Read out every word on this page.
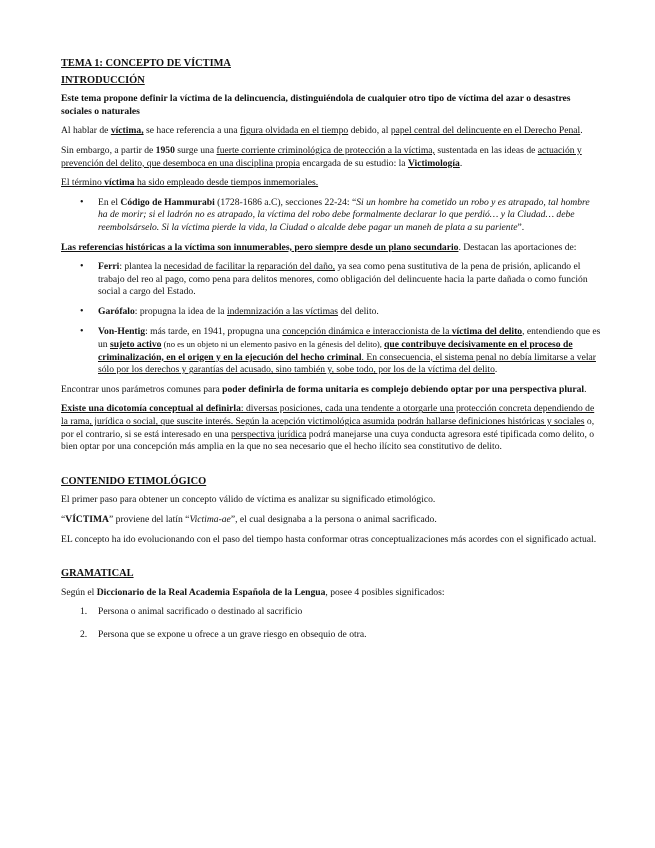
TEMA 1: CONCEPTO DE VÍCTIMA

INTRODUCCIÓN

Este tema propone definir la víctima de la delincuencia, distinguiéndola de cualquier otro tipo de víctima del azar o desastres sociales o naturales

Al hablar de víctima, se hace referencia a una figura olvidada en el tiempo debido, al papel central del delincuente en el Derecho Penal.

Sin embargo, a partir de 1950 surge una fuerte corriente criminológica de protección a la víctima, sustentada en las ideas de actuación y prevención del delito, que desemboca en una disciplina propia encargada de su estudio: la Victimología.

El término víctima ha sido empleado desde tiempos inmemoriales.

• En el Código de Hammurabi (1728-1686 a.C), secciones 22-24: “Si un hombre ha cometido un robo y es atrapado, tal hombre ha de morir; si el ladrón no es atrapado, la víctima del robo debe formalmente declarar lo que perdió… y la Ciudad… debe reembolsárselo. Si la víctima pierde la vida, la Ciudad o alcalde debe pagar un maneh de plata a su pariente”.

Las referencias históricas a la víctima son innumerables, pero siempre desde un plano secundario. Destacan las aportaciones de:

• Ferri: plantea la necesidad de facilitar la reparación del daño, ya sea como pena sustitutiva de la pena de prisión, aplicando el trabajo del reo al pago, como pena para delitos menores, como obligación del delincuente hacia la parte dañada o como función social a cargo del Estado.
• Garófalo: propugna la idea de la indemnización a las víctimas del delito.
• Von-Hentig: más tarde, en 1941, propugna una concepción dinámica e interaccionista de la víctima del delito, entendiendo que es un sujeto activo (no es un objeto ni un elemento pasivo en la génesis del delito), que contribuye decisivamente en el proceso de criminalización, en el origen y en la ejecución del hecho criminal. En consecuencia, el sistema penal no debía limitarse a velar sólo por los derechos y garantías del acusado, sino también y, sobe todo, por los de la víctima del delito.

Encontrar unos parámetros comunes para poder definirla de forma unitaria es complejo debiendo optar por una perspectiva plural.

Existe una dicotomía conceptual al definirla: diversas posiciones, cada una tendente a otorgarle una protección concreta dependiendo de la rama, jurídica o social, que suscite interés. Según la acepción victimológica asumida podrán hallarse definiciones históricas y sociales o, por el contrario, si se está interesado en una perspectiva jurídica podrá manejarse una cuya conducta agresora esté tipificada como delito, o bien optar por una concepción más amplia en la que no sea necesario que el hecho ilícito sea constitutivo de delito.

CONTENIDO ETIMOLÓGICO

El primer paso para obtener un concepto válido de víctima es analizar su significado etimológico.

“VÍCTIMA” proviene del latín “Victima-ae”, el cual designaba a la persona o animal sacrificado.

EL concepto ha ido evolucionando con el paso del tiempo hasta conformar otras conceptualizaciones más acordes con el significado actual.

GRAMATICAL

Según el Diccionario de la Real Academia Española de la Lengua, posee 4 posibles significados:

1. Persona o animal sacrificado o destinado al sacrificio
2. Persona que se expone u ofrece a un grave riesgo en obsequio de otra.
